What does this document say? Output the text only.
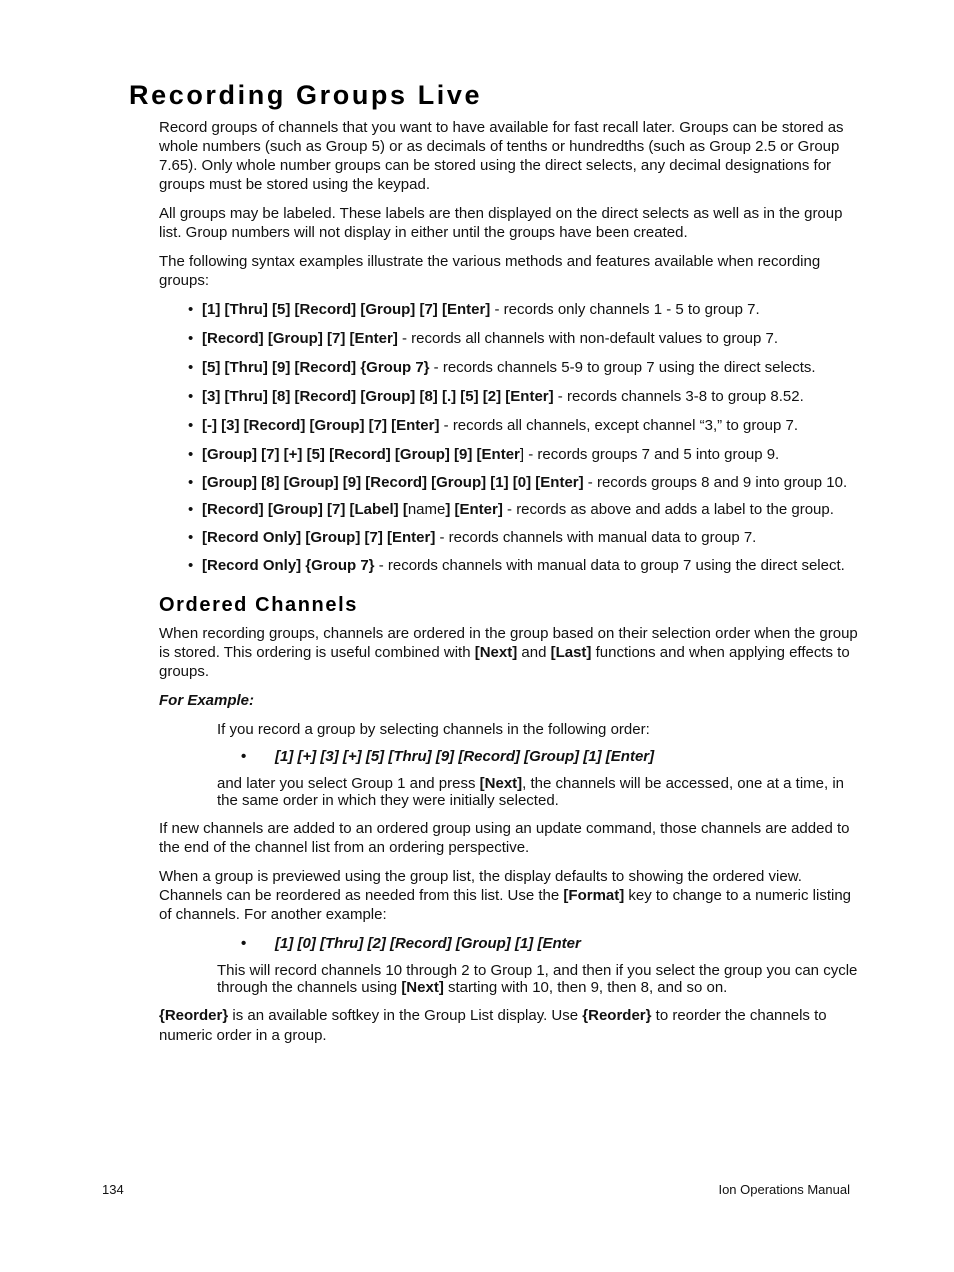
Recording Groups Live

Record groups of channels that you want to have available for fast recall later. Groups can be stored as whole numbers (such as Group 5) or as decimals of tenths or hundredths (such as Group 2.5 or Group 7.65). Only whole number groups can be stored using the direct selects, any decimal designations for groups must be stored using the keypad.

All groups may be labeled. These labels are then displayed on the direct selects as well as in the group list. Group numbers will not display in either until the groups have been created.

The following syntax examples illustrate the various methods and features available when recording groups:

• [1] [Thru] [5] [Record] [Group] [7] [Enter] - records only channels 1 - 5 to group 7.
• [Record] [Group] [7] [Enter] - records all channels with non-default values to group 7.
• [5] [Thru] [9] [Record] {Group 7} - records channels 5-9 to group 7 using the direct selects.
• [3] [Thru] [8] [Record] [Group] [8] [.] [5] [2] [Enter] - records channels 3-8 to group 8.52.
• [-] [3] [Record] [Group] [7] [Enter] - records all channels, except channel “3,” to group 7.
• [Group] [7] [+] [5] [Record] [Group] [9] [Enter] - records groups 7 and 5 into group 9.
• [Group] [8] [Group] [9] [Record] [Group] [1] [0] [Enter] - records groups 8 and 9 into group 10.
• [Record] [Group] [7] [Label] [name] [Enter] - records as above and adds a label to the group.
• [Record Only] [Group] [7] [Enter] - records channels with manual data to group 7.
• [Record Only] {Group 7} - records channels with manual data to group 7 using the direct select.
Ordered Channels

When recording groups, channels are ordered in the group based on their selection order when the group is stored. This ordering is useful combined with [Next] and [Last] functions and when applying effects to groups.

For Example:

If you record a group by selecting channels in the following order:

• [1] [+] [3] [+] [5] [Thru] [9] [Record] [Group] [1] [Enter]

and later you select Group 1 and press [Next], the channels will be accessed, one at a time, in the same order in which they were initially selected.

If new channels are added to an ordered group using an update command, those channels are added to the end of the channel list from an ordering perspective.

When a group is previewed using the group list, the display defaults to showing the ordered view. Channels can be reordered as needed from this list. Use the [Format] key to change to a numeric listing of channels. For another example:

• [1] [0] [Thru] [2] [Record] [Group] [1] [Enter

This will record channels 10 through 2 to Group 1, and then if you select the group you can cycle through the channels using [Next] starting with 10, then 9, then 8, and so on.

{Reorder} is an available softkey in the Group List display. Use {Reorder} to reorder the channels to numeric order in a group.

134	Ion Operations Manual
